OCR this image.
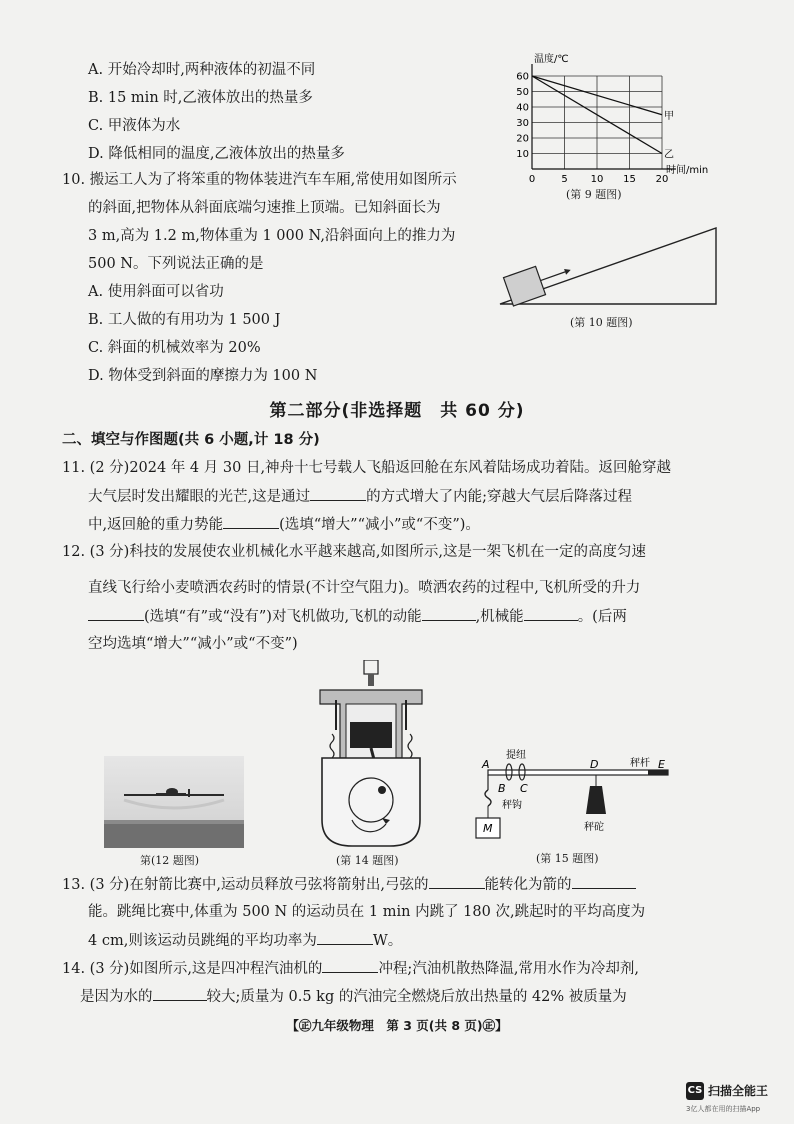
A. 开始冷却时,两种液体的初温不同
B. 15 min 时,乙液体放出的热量多
C. 甲液体为水
D. 降低相同的温度,乙液体放出的热量多
0	5 10 15 20
10
20
30
40
50
60
温度/℃
时间/min
甲
乙
(第 9 题图)
10. 搬运工人为了将笨重的物体装进汽车车厢,常使用如图所示
的斜面,把物体从斜面底端匀速推上顶端。已知斜面长为
3 m,高为 1.2 m,物体重为 1 000 N,沿斜面向上的推力为
500 N。下列说法正确的是
A. 使用斜面可以省功
B. 工人做的有用功为 1 500 J
C. 斜面的机械效率为 20%
D. 物体受到斜面的摩擦力为 100 N
(第 10 题图)
第二部分(非选择题　共 60 分)
二、填空与作图题(共 6 小题,计 18 分)
11. (2 分)2024 年 4 月 30 日,神舟十七号载人飞船返回舱在东风着陆场成功着陆。返回舱穿越
大气层时发出耀眼的光芒,这是通过	的方式增大了内能;穿越大气层后降落过程
中,返回舱的重力势能	(选填“增大”“减小”或“不变”)。
12. (3 分)科技的发展使农业机械化水平越来越高,如图所示,这是一架飞机在一定的高度匀速
直线飞行给小麦喷洒农药时的情景(不计空气阻力)。喷洒农药的过程中,飞机所受的升力
(选填“有”或“没有”)对飞机做功,飞机的动能	,机械能	。(后两
空均选填“增大”“减小”或“不变”)
第(12 题图)	(第 14 题图)
A
B C
D	E
提纽
秤杆
秤钩
秤砣
M
(第 15 题图)
13. (3 分)在射箭比赛中,运动员释放弓弦将箭射出,弓弦的	能转化为箭的
能。跳绳比赛中,体重为 500 N 的运动员在 1 min 内跳了 180 次,跳起时的平均高度为
4 cm,则该运动员跳绳的平均功率为	W。
14. (3 分)如图所示,这是四冲程汽油机的	冲程;汽油机散热降温,常用水作为冷却剂,
是因为水的	较大;质量为 0.5 kg 的汽油完全燃烧后放出热量的 42% 被质量为
【㊣九年级物理　第 3 页(共 8 页)㊣】
CS 扫描全能王
3亿人都在用的扫描App
